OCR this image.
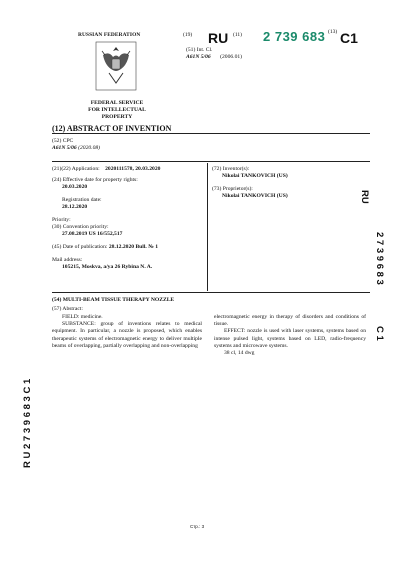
RUSSIAN FEDERATION
FEDERAL SERVICE
FOR INTELLECTUAL PROPERTY
(19) RU (11) 2 739 683 (13) C1
(51) Int. Cl.
A61N 5/06 (2006.01)
(12) ABSTRACT OF INVENTION
(52) CPC
A61N 5/06 (2020.08)
(21)(22) Application: 2020111578, 20.03.2020
(24) Effective date for property rights:
20.03.2020
Registration date:
28.12.2020
Priority:
(30) Convention priority:
27.08.2019 US 16/552,517
(45) Date of publication: 28.12.2020 Bull. № 1
Mail address:
105215, Moskva, a/ya 26 Rybina N. A.
(72) Inventor(s):
Nikolai TANKOVICH (US)
(73) Proprietor(s):
Nikolai TANKOVICH (US)
(54) MULTI-BEAM TISSUE THERAPY NOZZLE
(57) Abstract:
FIELD: medicine.
SUBSTANCE: group of inventions relates to medical equipment. In particular, a nozzle is proposed, which enables therapeutic systems of electromagnetic energy to deliver multiple beams of overlapping, partially overlapping and non-overlapping
electromagnetic energy in therapy of disorders and conditions of tissue.
EFFECT: nozzle is used with laser systems, systems based on intense pulsed light, systems based on LED, radio-frequency systems and microwave systems.
38 cl, 14 dwg
RU
2 7 3 9 6 8 3
C 1
R U 2 7 3 9 6 8 3 C 1
Стр.: 3
